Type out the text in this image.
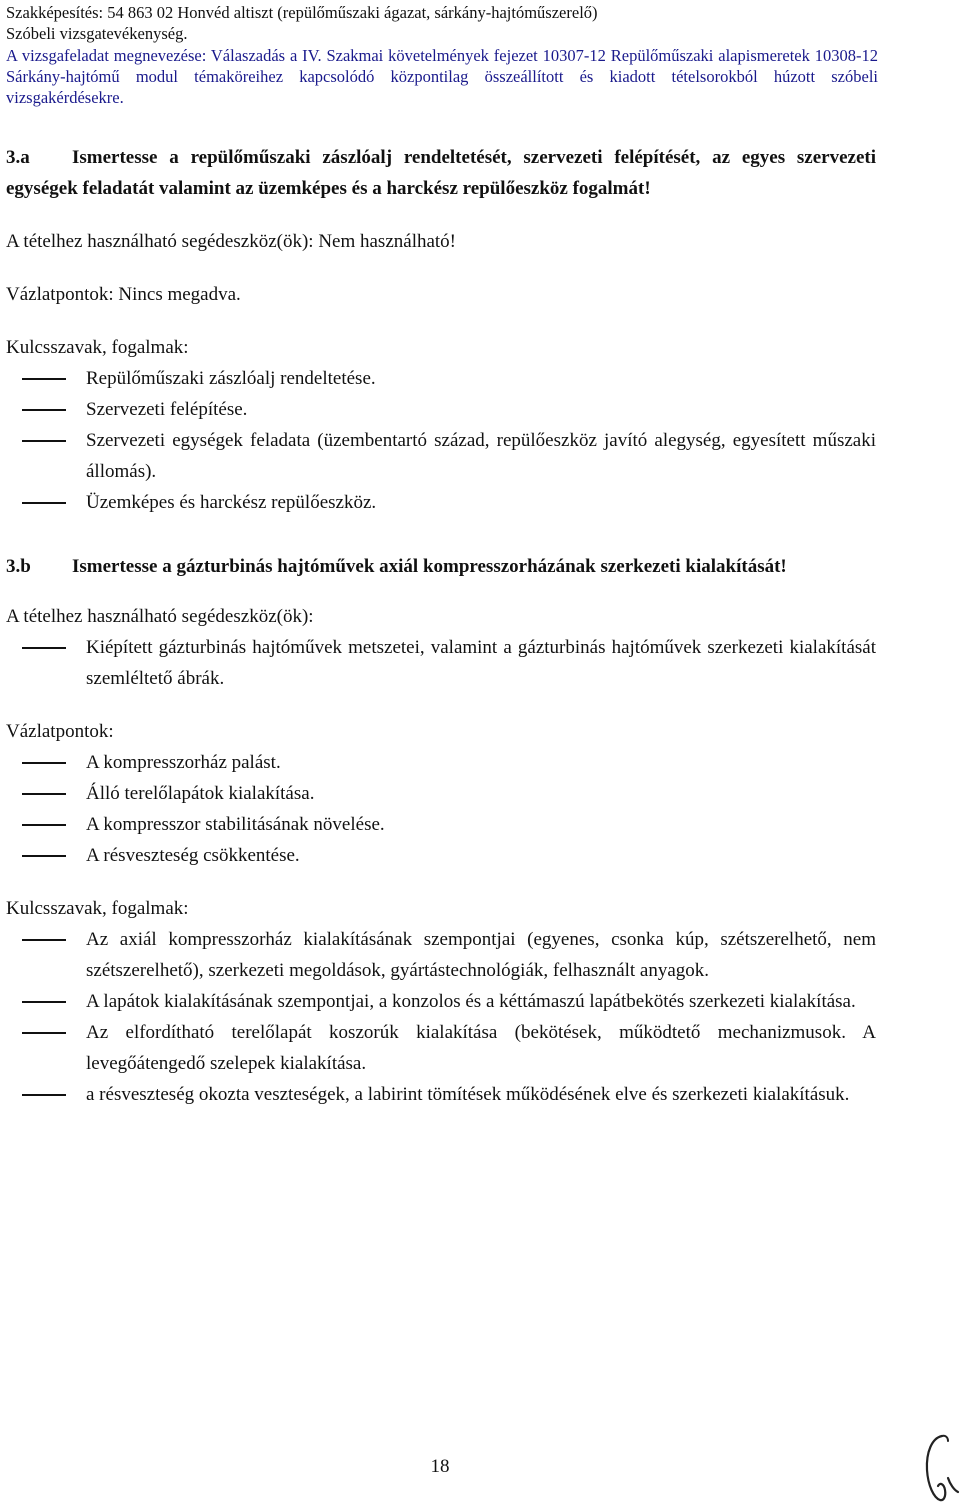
Szakképesítés: 54 863 02 Honvéd altiszt (repülőműszaki ágazat, sárkány-hajtóműszerelő)

Szóbeli vizsgatevékenység.

A vizsgafeladat megnevezése: Válaszadás a IV. Szakmai követelmények fejezet 10307-12 Repülőműszaki alapismeretek 10308-12 Sárkány-hajtómű modul témaköreihez kapcsolódó központilag összeállított és kiadott tételsorokból húzott szóbeli vizsgakérdésekre.

3.a Ismertesse a repülőműszaki zászlóalj rendeltetését, szervezeti felépítését, az egyes szervezeti egységek feladatát valamint az üzemképes és a harckész repülőeszköz fogalmát!

A tételhez használható segédeszköz(ök): Nem használható!

Vázlatpontok: Nincs megadva.

Kulcsszavak, fogalmak:

Repülőműszaki zászlóalj rendeltetése.
Szervezeti felépítése.
Szervezeti egységek feladata (üzembentartó század, repülőeszköz javító alegység, egyesített műszaki állomás).
Üzemképes és harckész repülőeszköz.

3.b Ismertesse a gázturbinás hajtóművek axiál kompresszorházának szerkezeti kialakítását!

A tételhez használható segédeszköz(ök):

Kiépített gázturbinás hajtóművek metszetei, valamint a gázturbinás hajtóművek szerkezeti kialakítását szemléltető ábrák.

Vázlatpontok:

A kompresszorház palást.
Álló terelőlapátok kialakítása.
A kompresszor stabilitásának növelése.
A résveszteség csökkentése.

Kulcsszavak, fogalmak:

Az axiál kompresszorház kialakításának szempontjai (egyenes, csonka kúp, szétszerelhető, nem szétszerelhető), szerkezeti megoldások, gyártástechnológiák, felhasznált anyagok.
A lapátok kialakításának szempontjai, a konzolos és a kéttámaszú lapátbekötés szerkezeti kialakítása.
Az elfordítható terelőlapát koszorúk kialakítása (bekötések, működtető mechanizmusok. A levegőátengedő szelepek kialakítása.
a résveszteség okozta veszteségek, a labirint tömítések működésének elve és szerkezeti kialakításuk.
18
